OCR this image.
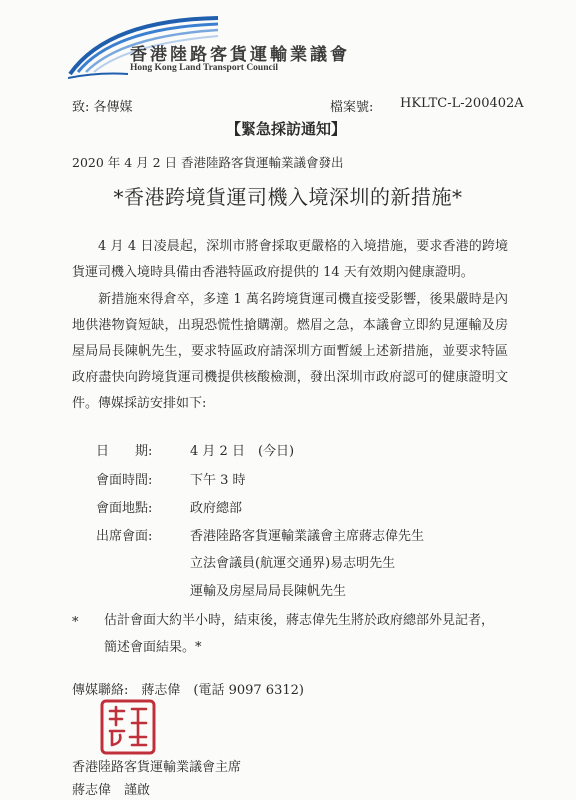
香港陸路客貨運輸業議會
Hong Kong Land Transport Council
致: 各傳媒	檔案號: HKLTC-L-200402A
【緊急採訪通知】
2020 年 4 月 2 日 香港陸路客貨運輸業議會發出
*香港跨境貨運司機入境深圳的新措施*
4 月 4 日凌晨起，深圳市將會採取更嚴格的入境措施，要求香港的跨境貨運司機入境時具備由香港特區政府提供的 14 天有效期內健康證明。
新措施來得倉卒，多達 1 萬名跨境貨運司機直接受影響，後果嚴時是內地供港物資短缺，出現恐慌性搶購潮。燃眉之急，本議會立即約見運輸及房屋局局長陳帆先生，要求特區政府請深圳方面暫緩上述新措施，並要求特區政府盡快向跨境貨運司機提供核酸檢測，發出深圳市政府認可的健康證明文件。傳媒採訪安排如下:
日　　期:	4 月 2 日　(今日)
會面時間:	下午 3 時
會面地點:	政府總部
出席會面:	香港陸路客貨運輸業議會主席蔣志偉先生
立法會議員(航運交通界)易志明先生
運輸及房屋局局長陳帆先生
* 估計會面大約半小時，結束後，蔣志偉先生將於政府總部外見記者，簡述會面結果。*
傳媒聯絡:　蔣志偉　(電話 9097 6312)
香港陸路客貨運輸業議會主席
蔣志偉　謹啟
